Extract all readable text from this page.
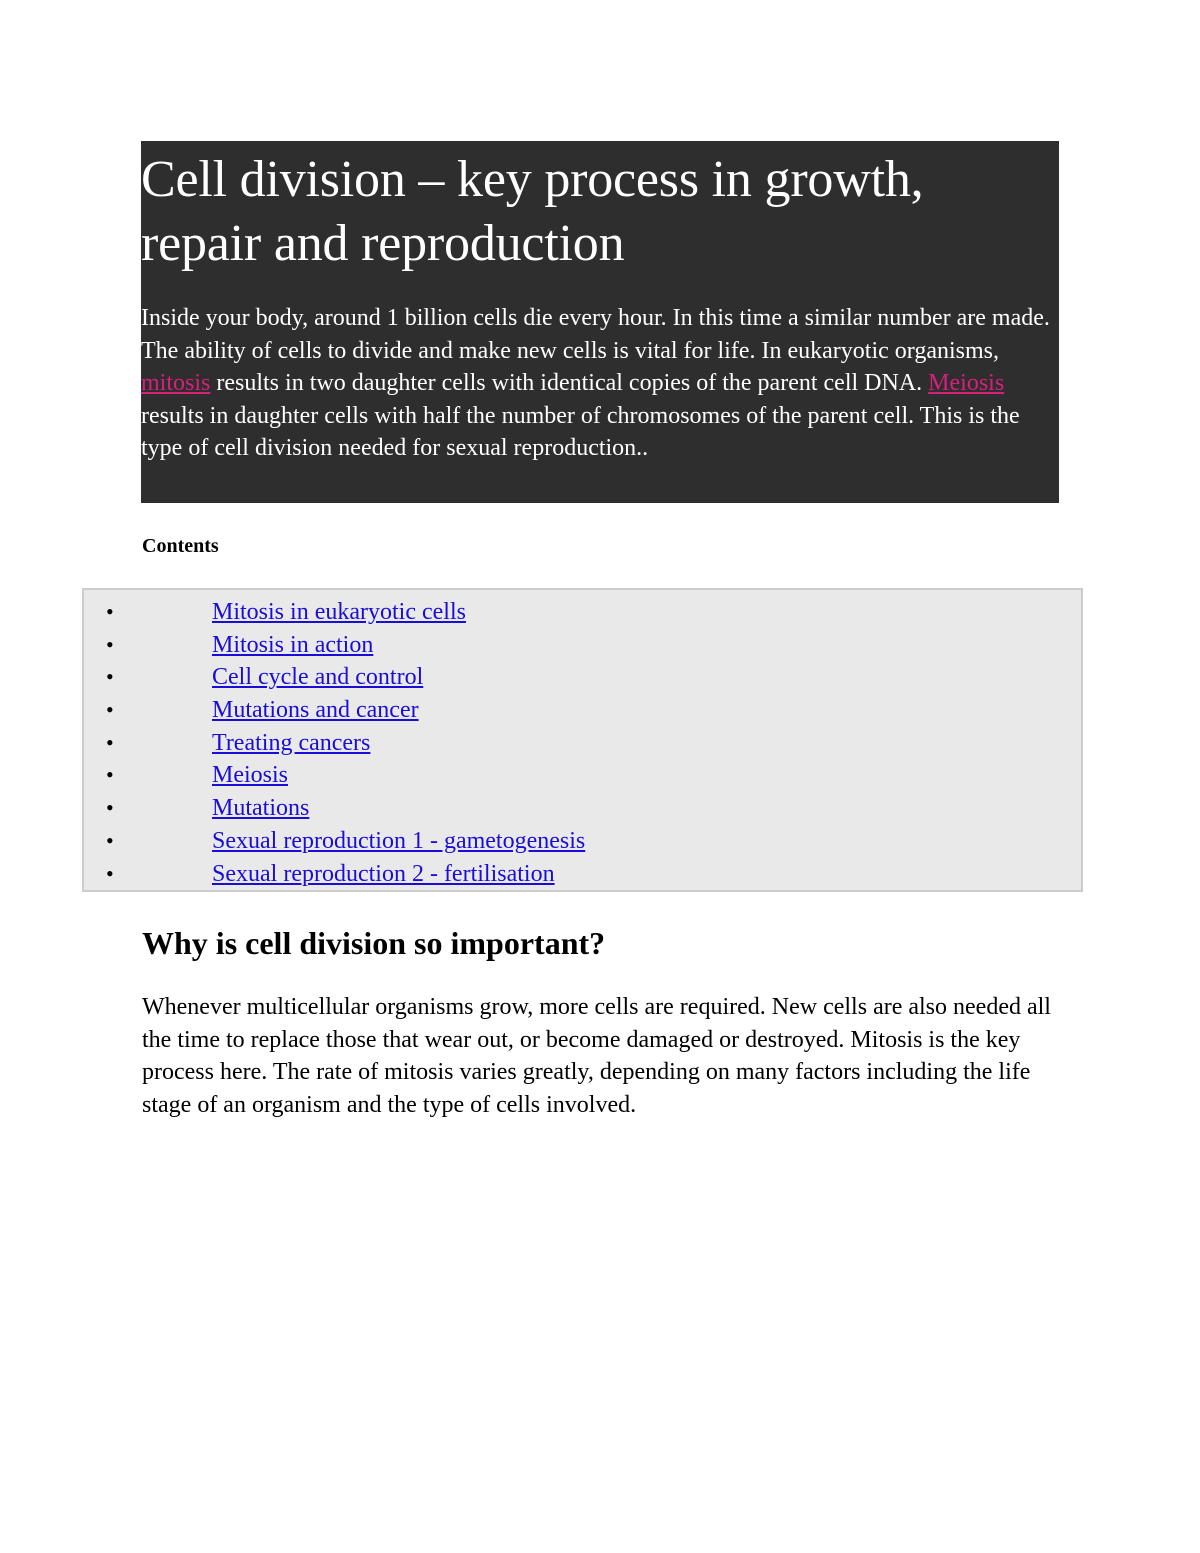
Cell division – key process in growth, repair and reproduction

Inside your body, around 1 billion cells die every hour. In this time a similar number are made. The ability of cells to divide and make new cells is vital for life. In eukaryotic organisms, mitosis results in two daughter cells with identical copies of the parent cell DNA. Meiosis results in daughter cells with half the number of chromosomes of the parent cell. This is the type of cell division needed for sexual reproduction..

Contents
•	Mitosis in eukaryotic cells
•	Mitosis in action
•	Cell cycle and control
•	Mutations and cancer
•	Treating cancers
•	Meiosis
•	Mutations
•	Sexual reproduction 1 - gametogenesis
•	Sexual reproduction 2 - fertilisation
Why is cell division so important?

Whenever multicellular organisms grow, more cells are required. New cells are also needed all the time to replace those that wear out, or become damaged or destroyed. Mitosis is the key process here. The rate of mitosis varies greatly, depending on many factors including the life stage of an organism and the type of cells involved.
